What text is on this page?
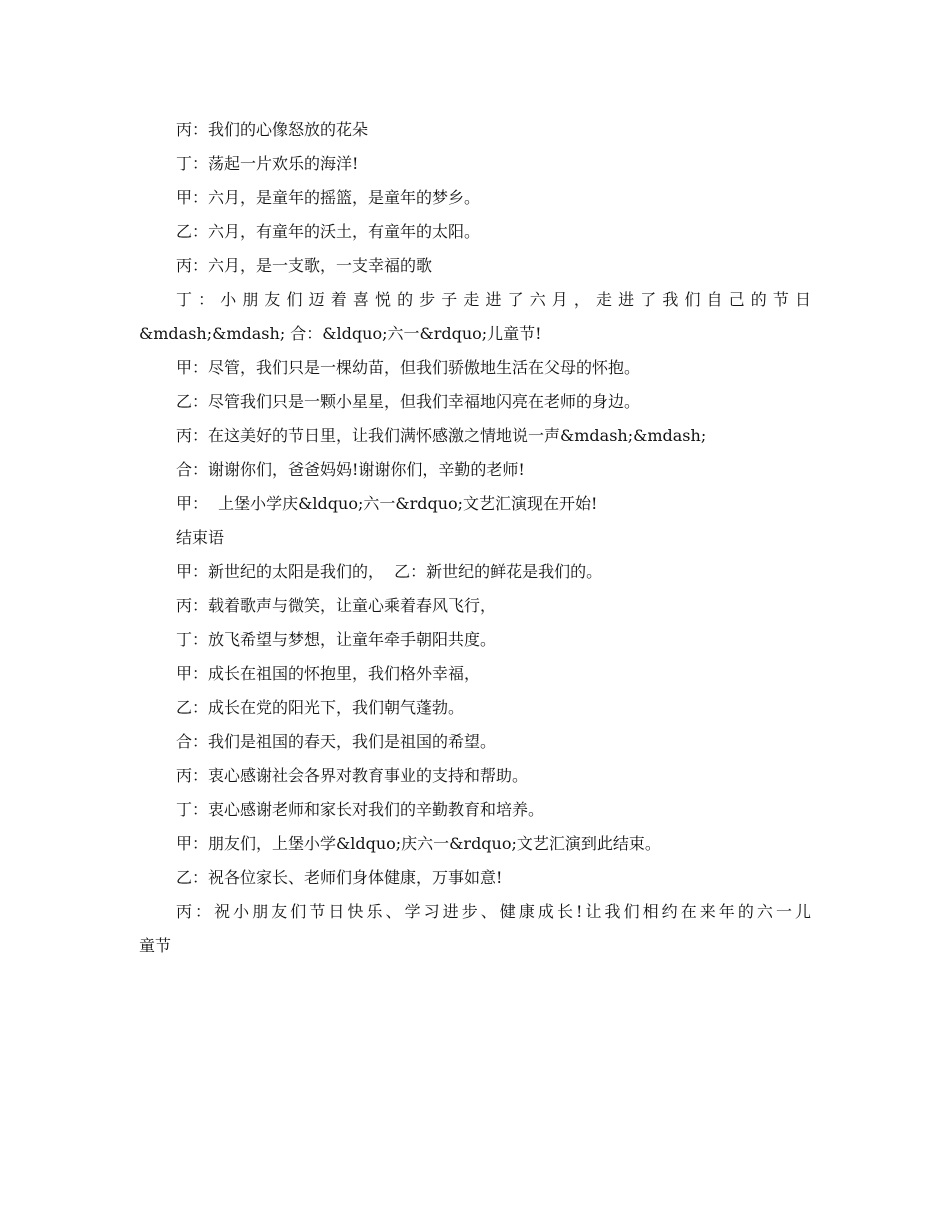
丙：我们的心像怒放的花朵
丁：荡起一片欢乐的海洋!
甲：六月，是童年的摇篮，是童年的梦乡。
乙：六月，有童年的沃土，有童年的太阳。
丙：六月，是一支歌，一支幸福的歌
丁：小朋友们迈着喜悦的步子走进了六月，走进了我们自己的节日
&mdash;&mdash; 合：&ldquo;六一&rdquo;儿童节!
甲：尽管，我们只是一棵幼苗，但我们骄傲地生活在父母的怀抱。
乙：尽管我们只是一颗小星星，但我们幸福地闪亮在老师的身边。
丙：在这美好的节日里，让我们满怀感激之情地说一声&mdash;&mdash;
合：谢谢你们，爸爸妈妈!谢谢你们，辛勤的老师!
甲：  上堡小学庆&ldquo;六一&rdquo;文艺汇演现在开始!
结束语
甲：新世纪的太阳是我们的，  乙：新世纪的鲜花是我们的。
丙：载着歌声与微笑，让童心乘着春风飞行，
丁：放飞希望与梦想，让童年牵手朝阳共度。
甲：成长在祖国的怀抱里，我们格外幸福，
乙：成长在党的阳光下，我们朝气蓬勃。
合：我们是祖国的春天，我们是祖国的希望。
丙：衷心感谢社会各界对教育事业的支持和帮助。
丁：衷心感谢老师和家长对我们的辛勤教育和培养。
甲：朋友们，上堡小学&ldquo;庆六一&rdquo;文艺汇演到此结束。
乙：祝各位家长、老师们身体健康，万事如意!
丙：祝小朋友们节日快乐、学习进步、健康成长!让我们相约在来年的六一儿
童节
